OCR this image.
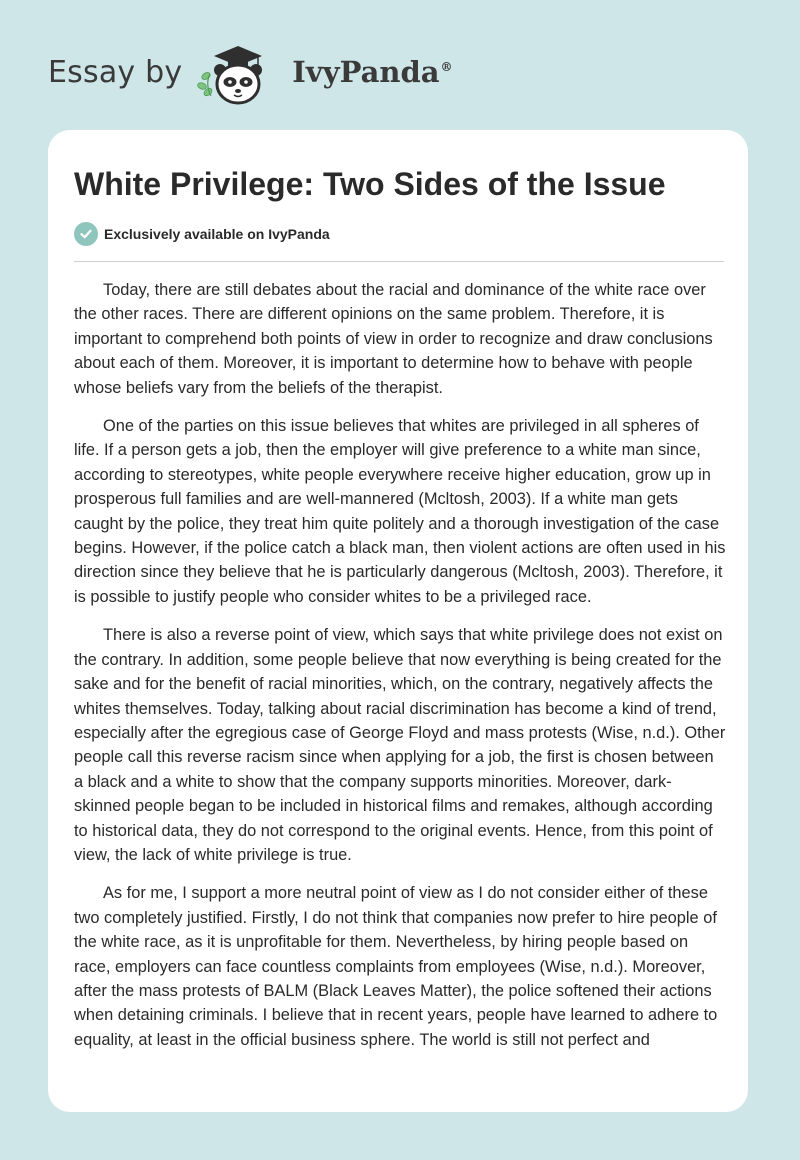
Essay by	IvyPanda®
White Privilege: Two Sides of the Issue
Exclusively available on IvyPanda

Today, there are still debates about the racial and dominance of the white race over the other races. There are different opinions on the same problem. Therefore, it is important to comprehend both points of view in order to recognize and draw conclusions about each of them. Moreover, it is important to determine how to behave with people whose beliefs vary from the beliefs of the therapist.

One of the parties on this issue believes that whites are privileged in all spheres of life. If a person gets a job, then the employer will give preference to a white man since, according to stereotypes, white people everywhere receive higher education, grow up in prosperous full families and are well-mannered (Mcltosh, 2003). If a white man gets caught by the police, they treat him quite politely and a thorough investigation of the case begins. However, if the police catch a black man, then violent actions are often used in his direction since they believe that he is particularly dangerous (Mcltosh, 2003). Therefore, it is possible to justify people who consider whites to be a privileged race.

There is also a reverse point of view, which says that white privilege does not exist on the contrary. In addition, some people believe that now everything is being created for the sake and for the benefit of racial minorities, which, on the contrary, negatively affects the whites themselves. Today, talking about racial discrimination has become a kind of trend, especially after the egregious case of George Floyd and mass protests (Wise, n.d.). Other people call this reverse racism since when applying for a job, the first is chosen between a black and a white to show that the company supports minorities. Moreover, dark-skinned people began to be included in historical films and remakes, although according to historical data, they do not correspond to the original events. Hence, from this point of view, the lack of white privilege is true.

As for me, I support a more neutral point of view as I do not consider either of these two completely justified. Firstly, I do not think that companies now prefer to hire people of the white race, as it is unprofitable for them. Nevertheless, by hiring people based on race, employers can face countless complaints from employees (Wise, n.d.). Moreover, after the mass protests of BALM (Black Leaves Matter), the police softened their actions when detaining criminals. I believe that in recent years, people have learned to adhere to equality, at least in the official business sphere. The world is still not perfect and
